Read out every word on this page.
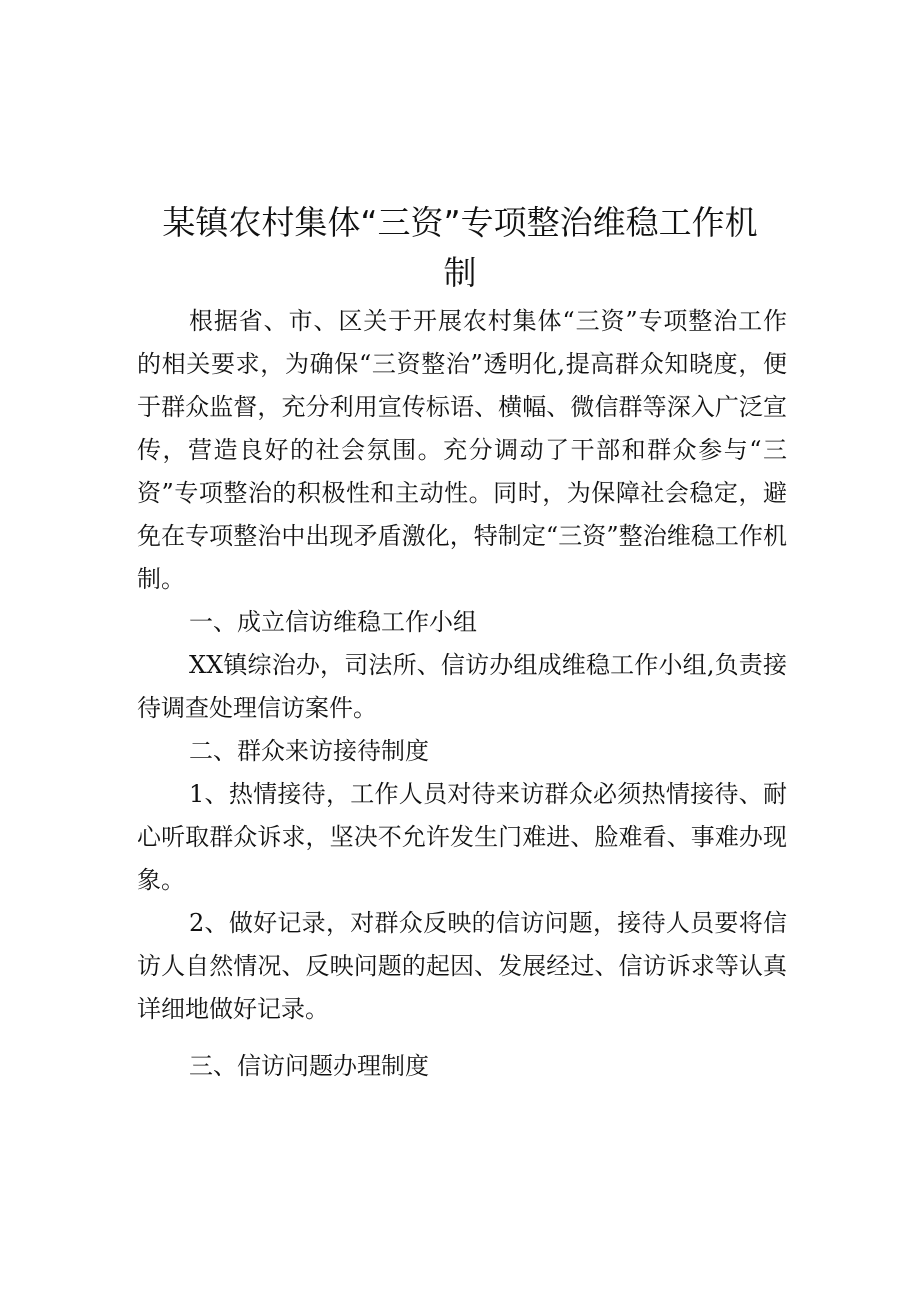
某镇农村集体“三资”专项整治维稳工作机
制

根据省、市、区关于开展农村集体“三资”专项整治工作的相关要求，为确保“三资整治”透明化,提高群众知晓度，便于群众监督，充分利用宣传标语、横幅、微信群等深入广泛宣传，营造良好的社会氛围。充分调动了干部和群众参与“三资”专项整治的积极性和主动性。同时，为保障社会稳定，避免在专项整治中出现矛盾激化，特制定“三资”整治维稳工作机制。

一、成立信访维稳工作小组

XX镇综治办，司法所、信访办组成维稳工作小组,负责接待调查处理信访案件。

二、群众来访接待制度

1、热情接待，工作人员对待来访群众必须热情接待、耐心听取群众诉求，坚决不允许发生门难进、脸难看、事难办现象。

2、做好记录，对群众反映的信访问题，接待人员要将信访人自然情况、反映问题的起因、发展经过、信访诉求等认真详细地做好记录。

三、信访问题办理制度
